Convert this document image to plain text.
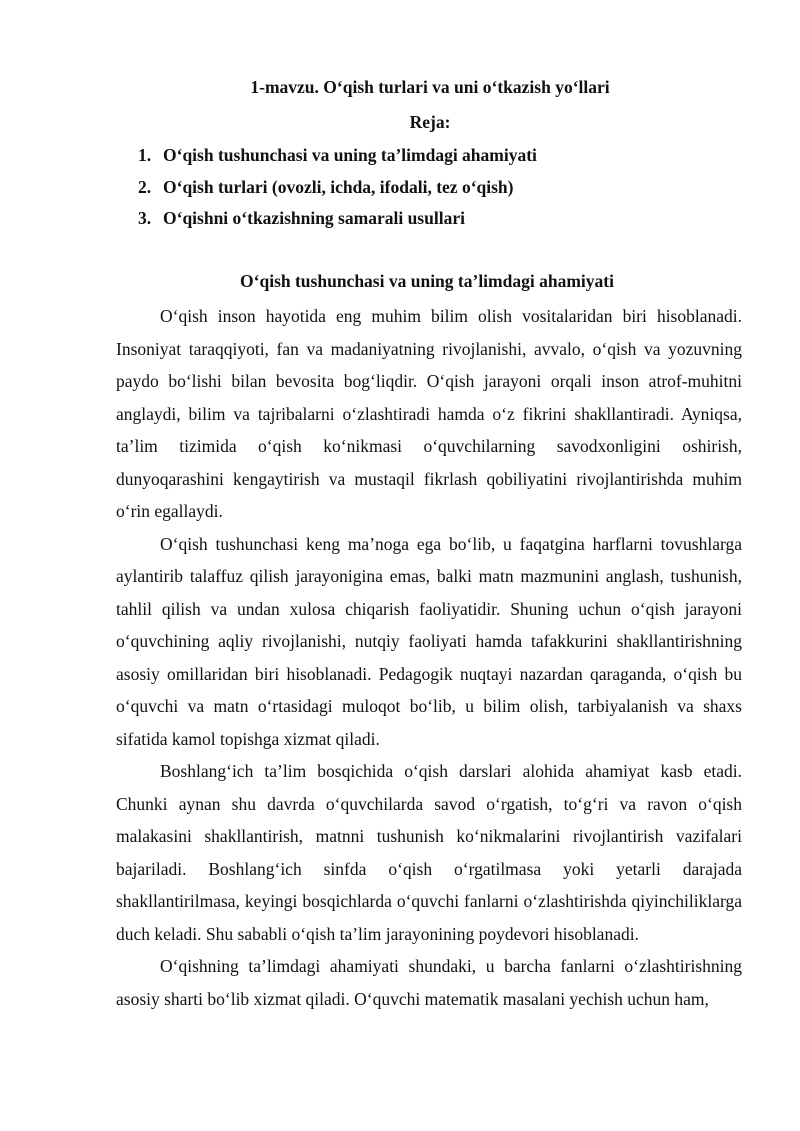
1-mavzu. O‘qish turlari va uni o‘tkazish yo‘llari
Reja:
1. O‘qish tushunchasi va uning ta’limdagi ahamiyati
2. O‘qish turlari (ovozli, ichda, ifodali, tez o‘qish)
3. O‘qishni o‘tkazishning samarali usullari
O‘qish tushunchasi va uning ta’limdagi ahamiyati

O‘qish inson hayotida eng muhim bilim olish vositalaridan biri hisoblanadi. Insoniyat taraqqiyoti, fan va madaniyatning rivojlanishi, avvalo, o‘qish va yozuvning paydo bo‘lishi bilan bevosita bog‘liqdir. O‘qish jarayoni orqali inson atrof-muhitni anglaydi, bilim va tajribalarni o‘zlashtiradi hamda o‘z fikrini shakllantiradi. Ayniqsa, ta’lim tizimida o‘qish ko‘nikmasi o‘quvchilarning savodxonligini oshirish, dunyoqarashini kengaytirish va mustaqil fikrlash qobiliyatini rivojlantirishda muhim o‘rin egallaydi.

O‘qish tushunchasi keng ma’noga ega bo‘lib, u faqatgina harflarni tovushlarga aylantirib talaffuz qilish jarayonigina emas, balki matn mazmunini anglash, tushunish, tahlil qilish va undan xulosa chiqarish faoliyatidir. Shuning uchun o‘qish jarayoni o‘quvchining aqliy rivojlanishi, nutqiy faoliyati hamda tafakkurini shakllantirishning asosiy omillaridan biri hisoblanadi. Pedagogik nuqtayi nazardan qaraganda, o‘qish bu o‘quvchi va matn o‘rtasidagi muloqot bo‘lib, u bilim olish, tarbiyalanish va shaxs sifatida kamol topishga xizmat qiladi.

Boshlang‘ich ta’lim bosqichida o‘qish darslari alohida ahamiyat kasb etadi. Chunki aynan shu davrda o‘quvchilarda savod o‘rgatish, to‘g‘ri va ravon o‘qish malakasini shakllantirish, matnni tushunish ko‘nikmalarini rivojlantirish vazifalari bajariladi. Boshlang‘ich sinfda o‘qish o‘rgatilmasa yoki yetarli darajada shakllantirilmasa, keyingi bosqichlarda o‘quvchi fanlarni o‘zlashtirishda qiyinchiliklarga duch keladi. Shu sababli o‘qish ta’lim jarayonining poydevori hisoblanadi.

O‘qishning ta’limdagi ahamiyati shundaki, u barcha fanlarni o‘zlashtirishning asosiy sharti bo‘lib xizmat qiladi. O‘quvchi matematik masalani yechish uchun ham,
